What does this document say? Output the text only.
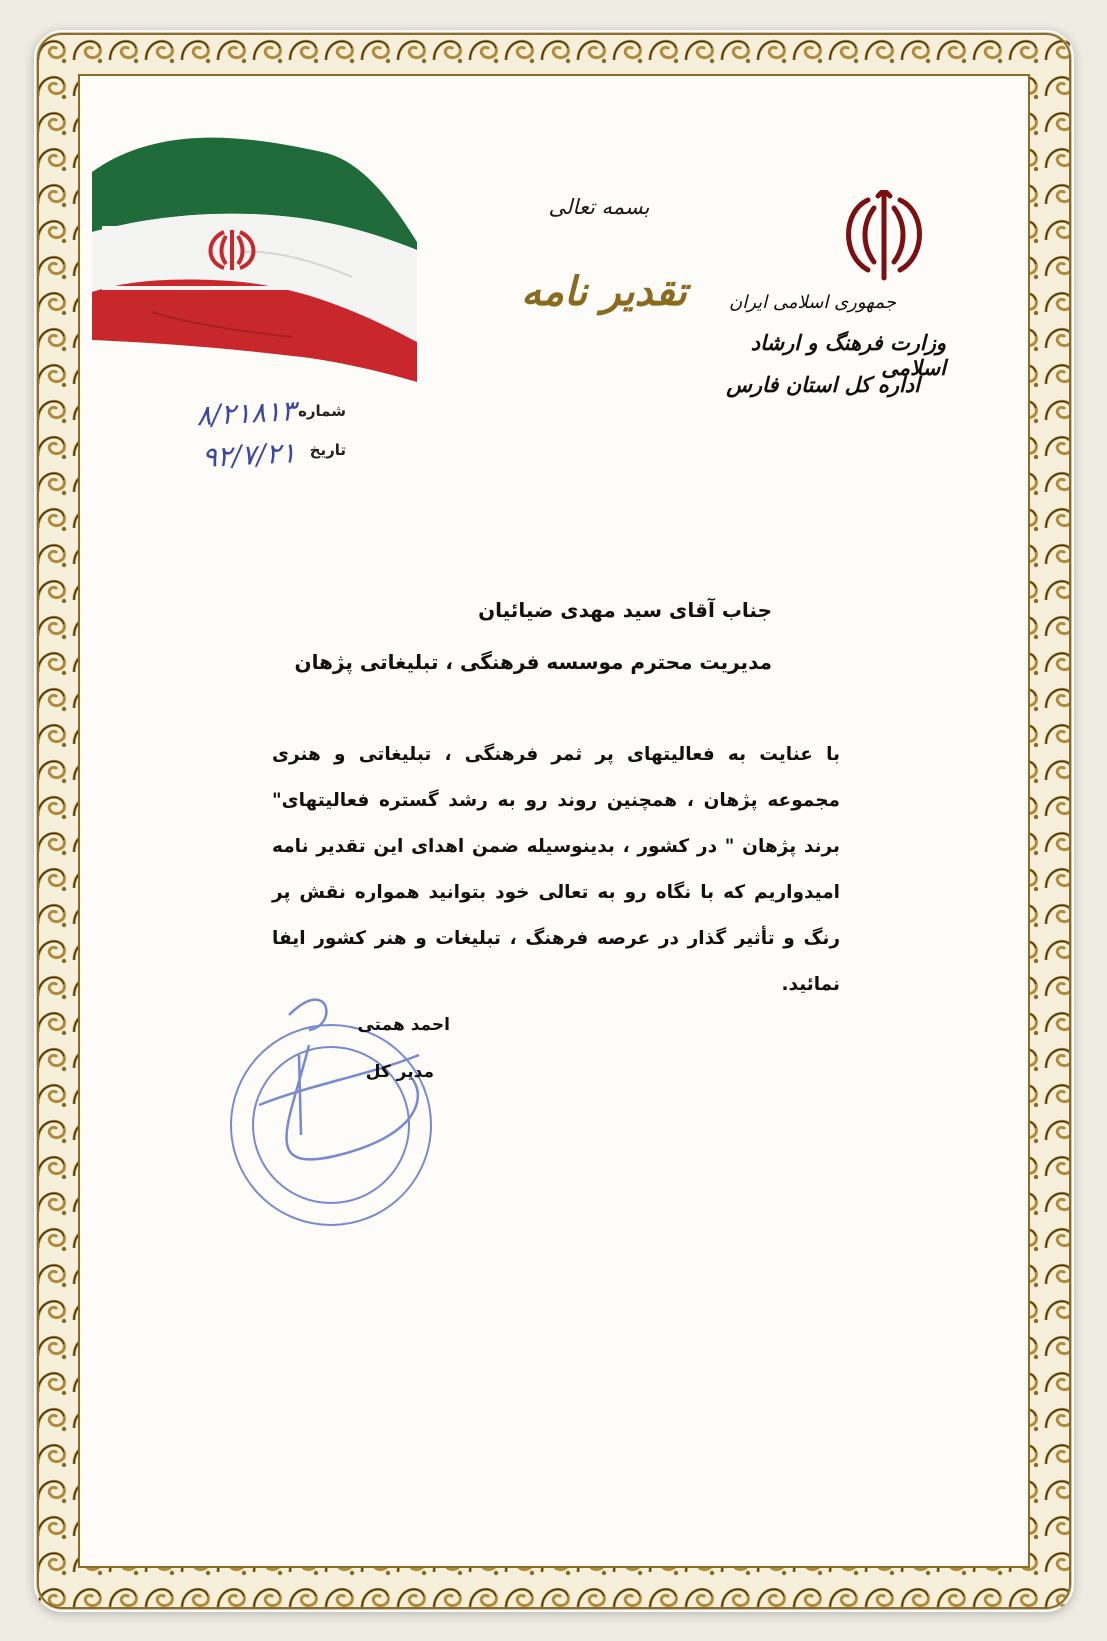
بسمه تعالی
تقدیر نامه	جمهوری اسلامی ایران
وزارت فرهنگ و ارشاد اسلامی
اداره کل استان فارس
شماره
۸/۲۱۸۱۳
تاریخ
۹۲/۷/۲۱
جناب آقای سید مهدی ضیائیان
مدیریت محترم موسسه فرهنگی ، تبلیغاتی پژهان
با عنایت به فعالیتهای پر ثمر فرهنگی ، تبلیغاتی و هنری مجموعه پژهان ، همچنین روند رو به رشد گستره فعالیتهای" برند پژهان " در کشور ، بدینوسیله ضمن اهدای این تقدیر نامه امیدواریم که با نگاه رو به تعالی خود بتوانید همواره نقش پر رنگ و تأثیر گذار در عرصه فرهنگ ، تبلیغات و هنر کشور ایفا نمائید.
احمد همتی
مدیر کل
